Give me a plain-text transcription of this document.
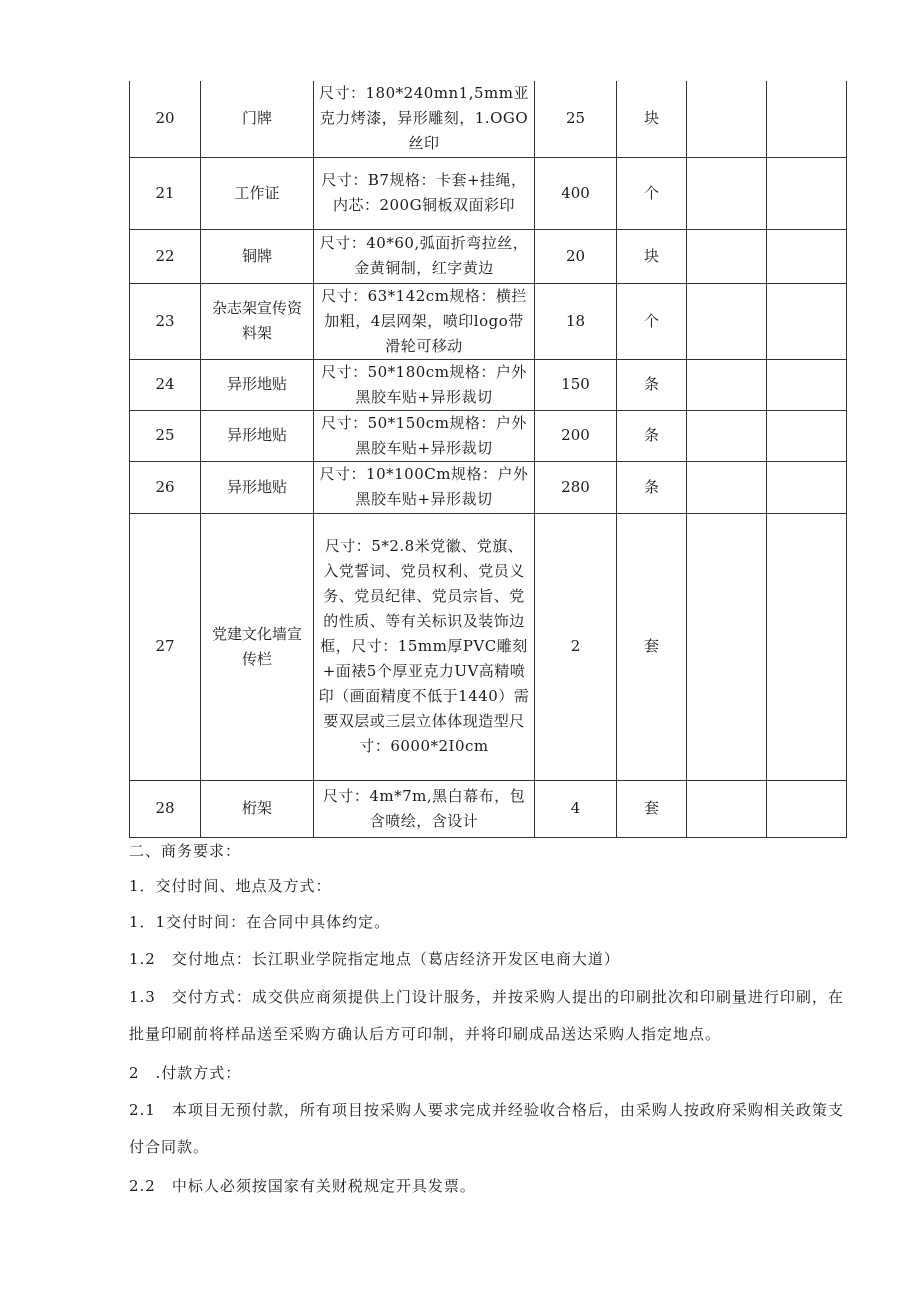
20	门牌	尺寸：180*240mn1,5mm亚克力烤漆，异形雕刻，1.OGO丝印	25	块		
21	工作证	尺寸：B7规格：卡套+挂绳，内芯：200G铜板双面彩印	400	个		
22	铜牌	尺寸：40*60,弧面折弯拉丝，金黄铜制，红字黄边	20	块		
23	杂志架宣传资料架	尺寸：63*142cm规格：横拦加粗，4层网架，喷印logo带滑轮可移动	18	个		
24	异形地贴	尺寸：50*180cm规格：户外黑胶车贴+异形裁切	150	条		
25	异形地贴	尺寸：50*150cm规格：户外黑胶车贴+异形裁切	200	条		
26	异形地贴	尺寸：10*100Cm规格：户外黑胶车贴+异形裁切	280	条		
27	党建文化墙宣传栏	尺寸：5*2.8米党徽、党旗、入党誓词、党员权利、党员义务、党员纪律、党员宗旨、党的性质、等有关标识及装饰边框，尺寸：15mm厚PVC雕刻+面裱5个厚亚克力UV高精喷印（画面精度不低于1440）需要双层或三层立体体现造型尺寸：6000*2I0cm	2	套		
28	桁架	尺寸：4m*7m,黑白幕布，包含喷绘，含设计	4	套		
二、商务要求：
1．交付时间、地点及方式：
1．1交付时间：在合同中具体约定。
1.2　交付地点：长江职业学院指定地点（葛店经济开发区电商大道）
1.3　交付方式：成交供应商须提供上门设计服务，并按采购人提出的印刷批次和印刷量进行印刷，在批量印刷前将样品送至采购方确认后方可印制，并将印刷成品送达采购人指定地点。
2　.付款方式：
2.1　本项目无预付款，所有项目按采购人要求完成并经验收合格后，由采购人按政府采购相关政策支付合同款。
2.2　中标人必须按国家有关财税规定开具发票。
